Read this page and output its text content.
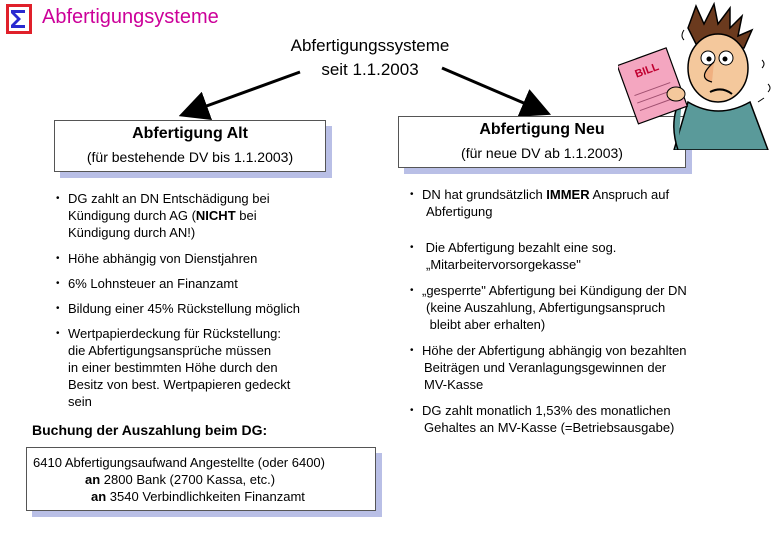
Abfertigungsysteme
Abfertigungssysteme
seit 1.1.2003
Abfertigung Alt
(für bestehende DV bis 1.1.2003)
Abfertigung Neu
(für neue DV ab 1.1.2003)
• DG zahlt an DN Entschädigung bei
Kündigung durch AG (NICHT bei
Kündigung durch AN!)
• Höhe abhängig von Dienstjahren
• 6% Lohnsteuer an Finanzamt
• Bildung einer 45% Rückstellung möglich
• Wertpapierdeckung für Rückstellung:
die Abfertigungsansprüche müssen
in einer bestimmten Höhe durch den
Besitz von best. Wertpapieren gedeckt
sein
• DN hat grundsätzlich IMMER Anspruch auf
Abfertigung
• Die Abfertigung bezahlt eine sog.
„Mitarbeitervorsorgekasse"
• „gesperrte" Abfertigung bei Kündigung der DN
(keine Auszahlung, Abfertigungsanspruch
bleibt aber erhalten)
• Höhe der Abfertigung abhängig von bezahlten
Beiträgen und Veranlagungsgewinnen der
MV-Kasse
• DG zahlt monatlich 1,53% des monatlichen
Gehaltes an MV-Kasse (=Betriebsausgabe)
Buchung der Auszahlung beim DG:
6410 Abfertigungsaufwand Angestellte (oder 6400)
an 2800 Bank (2700 Kassa, etc.)
an 3540 Verbindlichkeiten Finanzamt
BILL
